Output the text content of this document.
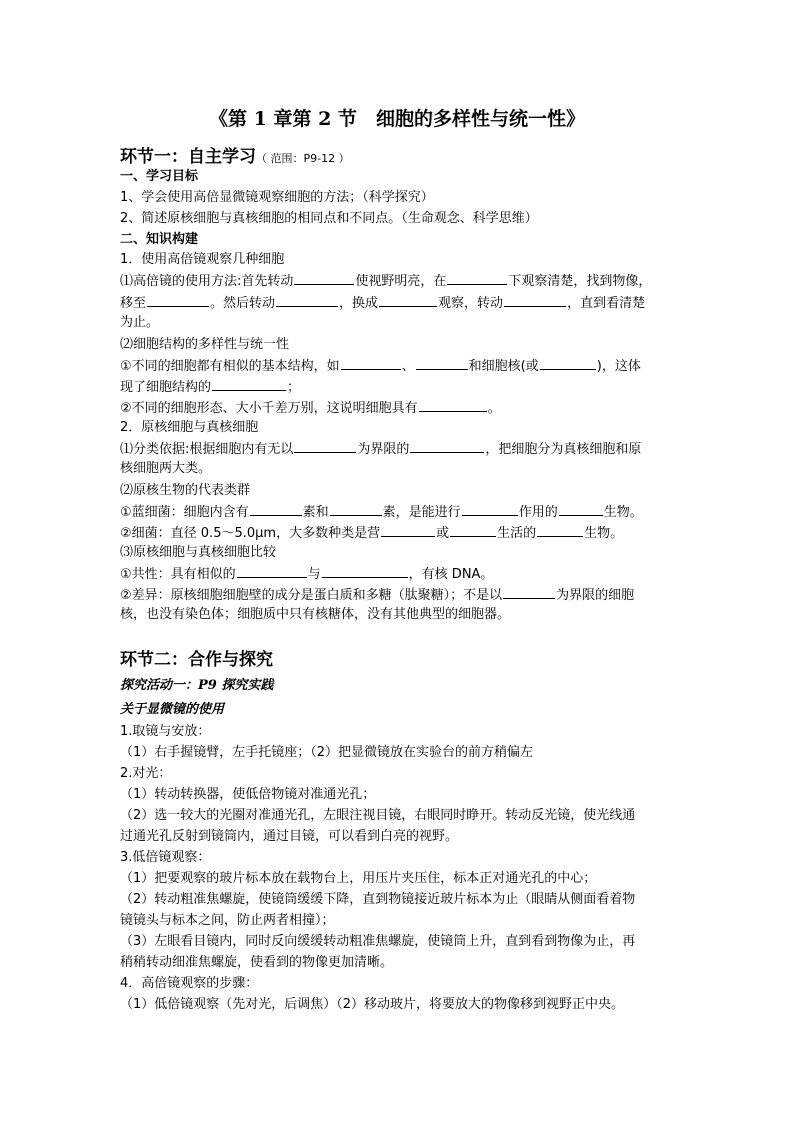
《第 1 章第 2 节　细胞的多样性与统一性》
环节一：自主学习（ 范围：P9-12 ）
一、学习目标
1、学会使用高倍显微镜观察细胞的方法；（科学探究）
2、简述原核细胞与真核细胞的相同点和不同点。（生命观念、科学思维）
二、知识构建
1．使用高倍镜观察几种细胞
⑴高倍镜的使用方法:首先转动	使视野明亮，在	下观察清楚，找到物像，
移至	。然后转动	，换成	观察，转动	，直到看清楚
为止。
⑵细胞结构的多样性与统一性
①不同的细胞都有相似的基本结构，如	、	和细胞核(或	)，这体
现了细胞结构的	；
②不同的细胞形态、大小千差万别，这说明细胞具有	。
2．原核细胞与真核细胞
⑴分类依据:根据细胞内有无以	为界限的	，把细胞分为真核细胞和原
核细胞两大类。
⑵原核生物的代表类群
①蓝细菌：细胞内含有	素和	素，是能进行	作用的	生物。
②细菌：直径 0.5～5.0μm，大多数种类是营	或	生活的	生物。
⑶原核细胞与真核细胞比较
①共性：具有相似的	与	，有核 DNA。
②差异：原核细胞细胞壁的成分是蛋白质和多糖（肽聚糖）；不是以	为界限的细胞
核，也没有染色体；细胞质中只有核糖体，没有其他典型的细胞器。
环节二：合作与探究
探究活动一：P9 探究实践
关于显微镜的使用
1.取镜与安放：
（1）右手握镜臂，左手托镜座；（2）把显微镜放在实验台的前方稍偏左
2.对光：
（1）转动转换器，使低倍物镜对准通光孔；
（2）选一较大的光圈对准通光孔，左眼注视目镜，右眼同时睁开。转动反光镜，使光线通
过通光孔反射到镜筒内，通过目镜，可以看到白亮的视野。
3.低倍镜观察：
（1）把要观察的玻片标本放在载物台上，用压片夹压住，标本正对通光孔的中心；
（2）转动粗准焦螺旋，使镜筒缓缓下降，直到物镜接近玻片标本为止（眼睛从侧面看着物
镜镜头与标本之间，防止两者相撞）；
（3）左眼看目镜内，同时反向缓缓转动粗准焦螺旋，使镜筒上升，直到看到物像为止，再
稍稍转动细准焦螺旋，使看到的物像更加清晰。
4．高倍镜观察的步骤：
（1）低倍镜观察（先对光，后调焦）（2）移动玻片，将要放大的物像移到视野正中央。
